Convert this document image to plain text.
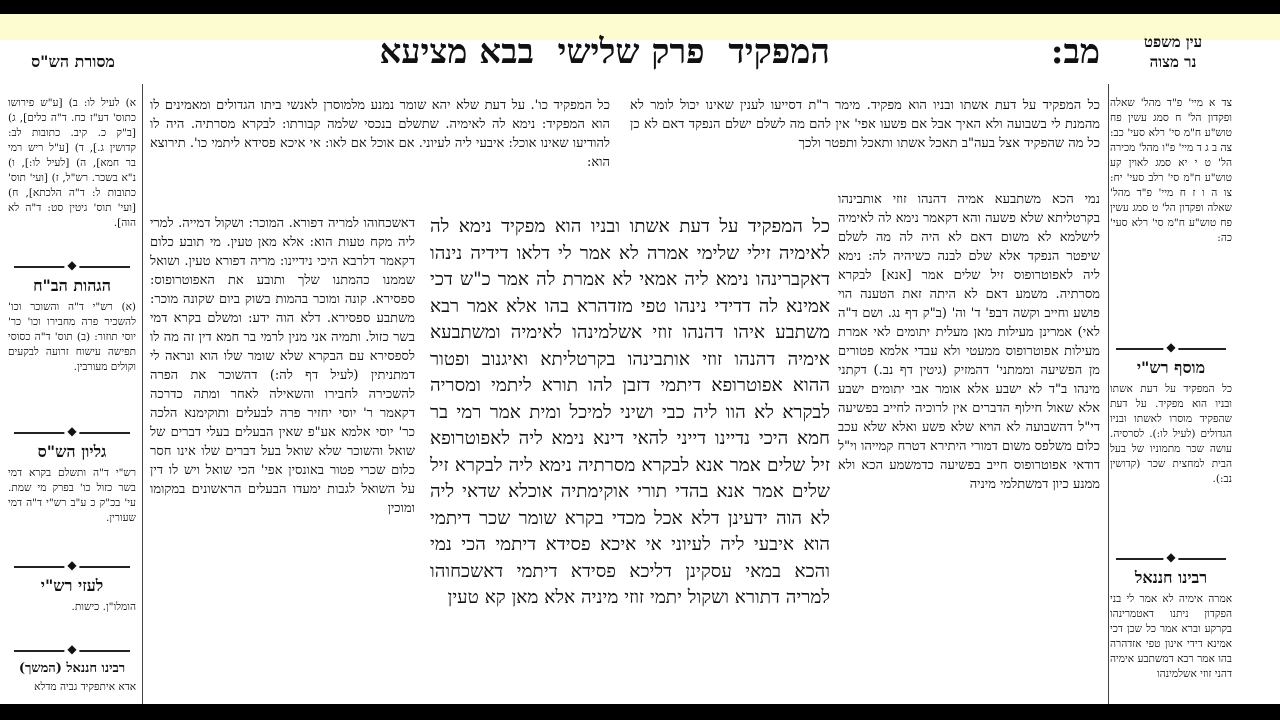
עין משפט
נר מצוה
מב:
המפקיד  פרק שלישי  בבא מציעא
מסורת הש"ס
צד א מיי' פ"ד מהל' שאלה ופקדון הל' ח סמג עשין פח טוש"ע ח"מ סי' רלא סעי' כב: צה ב ג ד מיי' פ"ו מהל' מכירה הל' ט י יא סמג לאוין קע טוש"ע ח"מ סי' רלב סעי' יח: צו ה ו ז ח מיי' פ"ד מהל' שאלה ופקדון הל' ט סמג עשין פח טוש"ע ח"מ סי' רלא סעי' כה:
◆
מוסף רש"י
כל המפקיד על דעת אשתו ובניו הוא מפקיד. על דעת שהפקיד מוסרו לאשתו ובניו הגדולים (לעיל לו:). לסרסיה. עושה שכר מתמוניו של בעל הבית למחצית שכר (קדושין נב:).
◆
רבינו חננאל
אמרה אימיה לא אמר לי בני הפקדון ניתנו דאטמרינהו בקרקע וברא אמר כל שכן דכי אמינא דידי אינון טפי אזדהרה בהו אמר רבא דמשתבע אימיה דהני זוזי אשלמינהו
כל המפקיד על דעת אשתו ובניו הוא מפקיד. מימר ר"ת דסייעו לענין שאינו יכול לומר לא מהמנת לי בשבועה ולא האיך אבל אם פשעו אפי' אין להם מה לשלם ישלם הנפקד דאם לא כן כל מה שהפקיד אצל בעה"ב תאכל אשתו ותאכל ותפטר ולכך
נמי הכא משתבעא אמיה דהנהו זוזי אותבינהו בקרטליתא שלא פשעה והא דקאמר נימא לה לאימיה לישלמא לא משום דאם לא היה לה מה לשלם שיפטר הנפקד אלא שלם לבנה כשיהיה לה: נימא ליה לאפוטרופוס זיל שלים אמר [אנא] לבקרא מסרתיה. משמע דאם לא היתה זאת הטענה הוי פושע וחייב וקשה דבפ' ד' וה' (ב"ק דף נג. ושם ד"ה לאי) אמרינן מעילות מאן מעלית יתומים לאי אמרת מעילות אפוטרופוס ממעטי ולא עבדי אלמא פטורים מן הפשיעה וממתני' דהמזיק (גיטין דף נב.) דקתני מינהו ב"ד לא ישבע אלא אומר אבי יתומים ישבע אלא שאול חילוף הדברים אין לרוכיה לחייב בפשיעה די"ל דהשבועה לא הויא שלא פשע ואלא שלא עכב כלום משלפס משום דמורי היתירא דטרח קמייהו וי"ל דודאי אפוטרופוס חייב בפשיעה כדמשמע הכא ולא ממנע כיון דמשתלמי מיניה
כל המפקיד כו'. על דעת שלא יהא שומר נמנע מלמוסרן לאנשי ביתו הגדולים ומאמינים לו הוא המפקיד: נימא לה לאימיה. שתשלם בנכסי שלמה קבורתו: לבקרא מסרתיה. היה לו להודיעו שאינו אוכל: איבעי ליה לעיוני. אם אוכל אם לאו: אי איכא פסידא ליתמי כו'. תירוצא הוא:
כל המפקיד על דעת אשתו ובניו הוא מפקיד נימא לה לאימיה זילי שלימי אמרה לא אמר לי דלאו דידיה נינהו דאקברינהו נימא ליה אמאי לא אמרת לה אמר כ"ש דכי אמינא לה דדידי נינהו טפי מזדהרא בהו אלא אמר רבא משתבע איהו דהנהו זוזי אשלמינהו לאימיה ומשתבעא אימיה דהנהו זוזי אותבינהו בקרטליתא ואיגנוב ופטור ההוא אפוטרופא דיתמי דזבן להו תורא ליתמי ומסריה לבקרא לא הוו ליה כבי ושיני למיכל ומית אמר רמי בר חמא היכי נדיינו דייני להאי דינא נימא ליה לאפוטרופא זיל שלים אמר אנא לבקרא מסרתיה נימא ליה לבקרא זיל שלים אמר אנא בהדי תורי אוקימתיה אוכלא שדאי ליה לא הוה ידעינן דלא אכל מכדי בקרא שומר שכר דיתמי הוא איבעי ליה לעיוני אי איכא פסידא דיתמי הכי נמי והכא במאי עסקינן דליכא פסידא דיתמי דאשכחוהו למריה דתורא ושקול יתמי זוזי מיניה אלא מאן קא טעין
דאשכחוהו למריה דפורא. המוכר: ושקול דמייה. למרי ליה מקח טעות הוא: אלא מאן טעין. מי תובע כלום דקאמר דלרבא היכי נידיינו: מריה דפורא טעין. ושואל שממנו כהמתנו שלך ותובע את האפוטרופוס: ספסירא. קונה ומוכר בהמות בשוק ביום שקונה מוכר: משתבע ספסירא. דלא הוה ידע: ומשלם בקרא דמי בשר כזול. ותמיה אני מנין לרמי בר חמא דין זה מה לו לספסירא עם הבקרא שלא שומר שלו הוא ונראה לי דמתניתין (לעיל דף לה:) דהשוכר את הפרה להשכירה לחבירו והשאילה לאחר ומתה כדרכה דקאמר ר' יוסי יחזיר פרה לבעלים ותוקימנא הלכה כר' יוסי אלמא אע"פ שאין הבעלים בעלי דברים של שואל והשוכר שלא שואל בעל דברים שלו אינו חסר כלום שכרי פטור באונסין אפי' הכי שואל ויש לו דין על השואל לגבות ימעדו הבעלים הראשונים במקומו ומוכין
א) לעיל לו: ב) [ע"ש פירושו כתוס' דע"ז כח. ד"ה כלים], ג) [ב"ק כ. קיב. כתובות לב: קדושין ג.], ד) [ע"ל ריש רמי בר חמא], ה) [לעיל לו:], ו) נ"א בשכר. רש"ל, ז) [ועי' תוס' כתובות ל: ד"ה הלכתא], ח) [ועי' תוס' גיטין סט: ד"ה לא הוה].
◆
הגהות הב"ח
(א) רש"י ד"ה והשוכר וכו' להשכיר פרה מחבירו וכו' כר' יוסי תוזור: (ב) תוס' ד"ה כסוסי תפישה עישוח זרועה לבקעים וקולים מעורבין.
◆
גליון הש"ס
רש"י ד"ה ותשלם בקרא דמי בשר כזול כו' בפרק מי שמת. עי' בכ"ק כ ע"ב רש"י ד"ה דמי שעורין.
◆
לעזי רש"י
הומלו"ן. כישות.
◆
רבינו חננאל (המשך)
אדא איתפקיד גביה מדלא
